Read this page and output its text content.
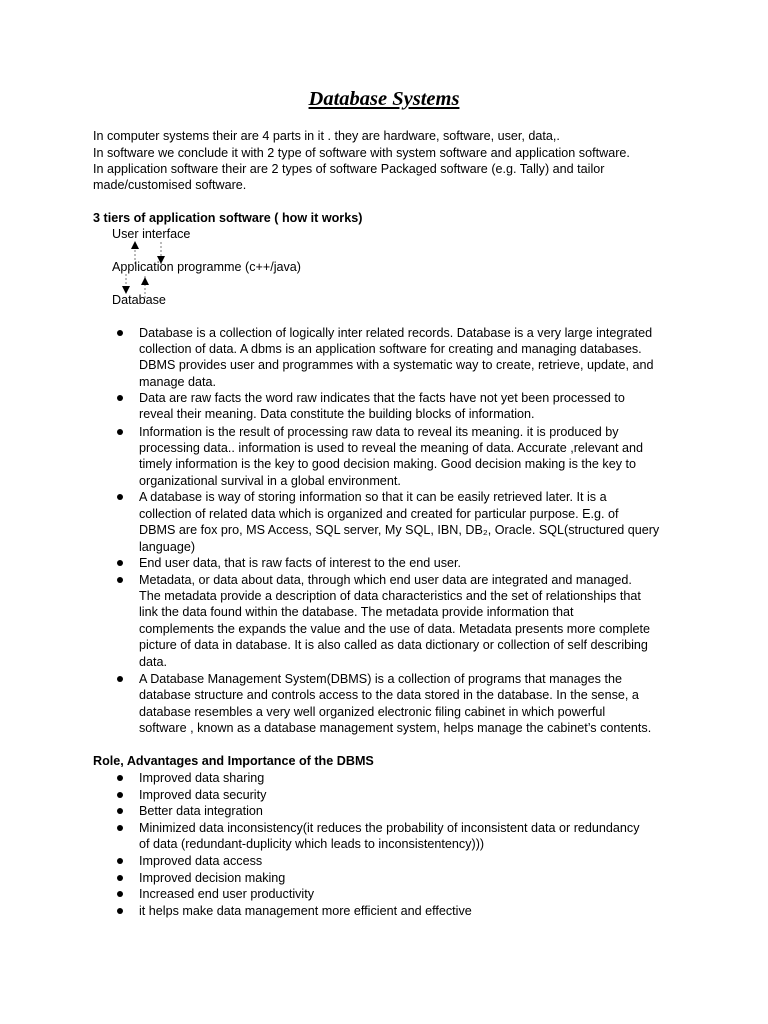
Database Systems
In computer systems their are 4 parts in it . they are hardware, software, user, data,.
In software we conclude it with 2 type of software with system software and application software.
In application software their are 2 types of software Packaged software (e.g. Tally) and tailor
made/customised software.
3 tiers of application software ( how it works)
User interface
Application programme (c++/java)
Database
Database is a collection of logically inter related records. Database is a very large integrated
collection of data. A dbms is an application software for creating and managing databases.
DBMS provides user and programmes with a systematic way to create, retrieve, update, and
manage data.
Data are raw facts the word raw indicates that the facts have not yet been processed to
reveal their meaning. Data constitute the building blocks of information.
Information is the result of processing raw data to reveal its meaning. it is produced by
processing data.. information is used to reveal the meaning of data. Accurate ,relevant and
timely information is the key to good decision making. Good decision making is the key to
organizational survival in a global environment.
A database is way of storing information so that it can be easily retrieved later. It is a
collection of related data which is organized and created for particular purpose. E.g. of
DBMS are fox pro, MS Access, SQL server, My SQL, IBN, DB₂, Oracle. SQL(structured query
language)
End user data, that is raw facts of interest to the end user.
Metadata, or data about data, through which end user data are integrated and managed.
The metadata provide a description of data characteristics and the set of relationships that
link the data found within the database. The metadata provide information that
complements the expands the value and the use of data. Metadata presents more complete
picture of data in database. It is also called as data dictionary or collection of self describing
data.
A Database Management System(DBMS) is a collection of programs that manages the
database structure and controls access to the data stored in the database. In the sense, a
database resembles a very well organized electronic filing cabinet in which powerful
software , known as a database management system, helps manage the cabinet’s contents.
Role, Advantages and Importance of the DBMS
Improved data sharing
Improved data security
Better data integration
Minimized data inconsistency(it reduces the probability of inconsistent data or redundancy
of data (redundant-duplicity which leads to inconsistentency)))
Improved data access
Improved decision making
Increased end user productivity
it helps make data management more efficient and effective
